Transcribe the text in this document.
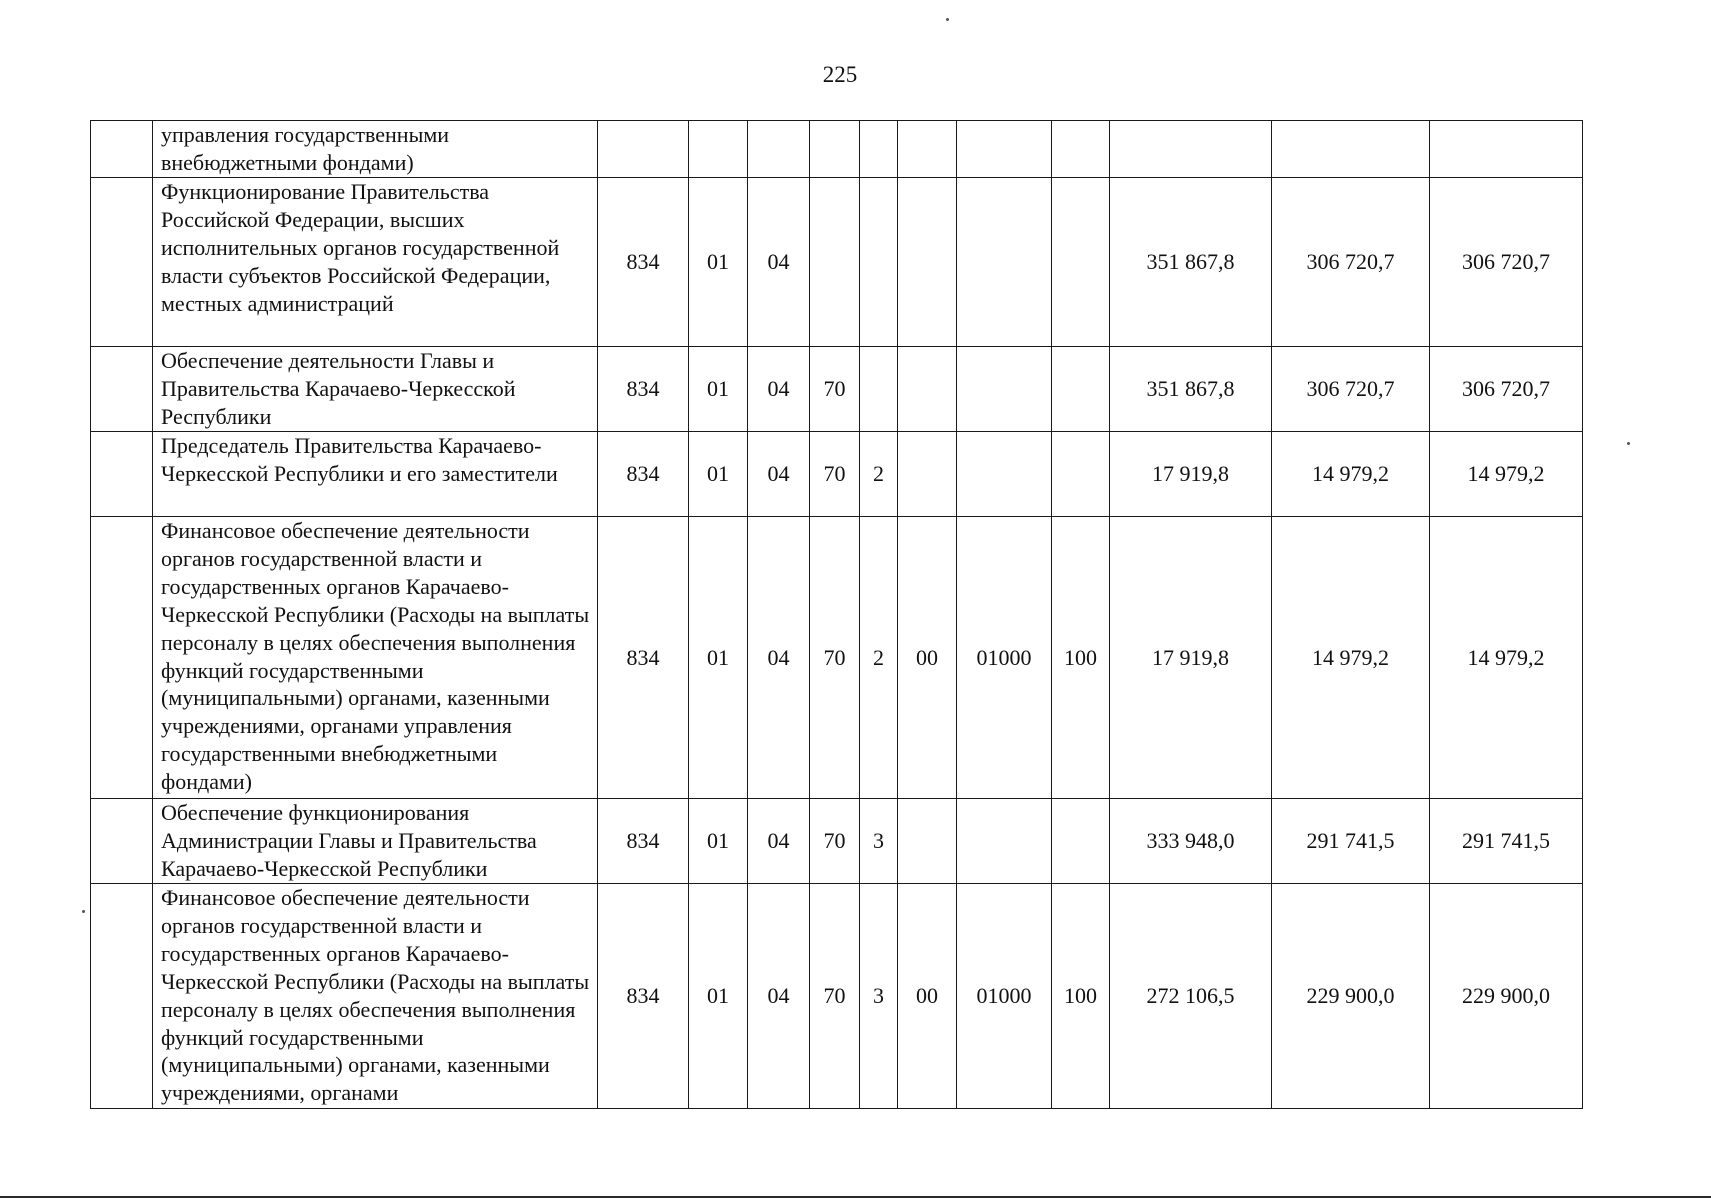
225
	управления государственными внебюджетными фондами)											
	Функционирование Правительства Российской Федерации, высших исполнительных органов государственной власти субъектов Российской Федерации, местных администраций	834	01	04						351 867,8	306 720,7	306 720,7
	Обеспечение деятельности Главы и Правительства Карачаево-Черкесской Республики	834	01	04	70					351 867,8	306 720,7	306 720,7
	Председатель Правительства Карачаево-Черкесской Республики и его заместители	834	01	04	70	2				17 919,8	14 979,2	14 979,2
	Финансовое обеспечение деятельности органов государственной власти и государственных органов Карачаево-Черкесской Республики (Расходы на выплаты персоналу в целях обеспечения выполнения функций государственными (муниципальными) органами, казенными учреждениями, органами управления государственными внебюджетными фондами)	834	01	04	70	2	00	01000	100	17 919,8	14 979,2	14 979,2
	Обеспечение функционирования Администрации Главы и Правительства Карачаево-Черкесской Республики	834	01	04	70	3				333 948,0	291 741,5	291 741,5
	Финансовое обеспечение деятельности органов государственной власти и государственных органов Карачаево-Черкесской Республики (Расходы на выплаты персоналу в целях обеспечения выполнения функций государственными (муниципальными) органами, казенными учреждениями, органами	834	01	04	70	3	00	01000	100	272 106,5	229 900,0	229 900,0
